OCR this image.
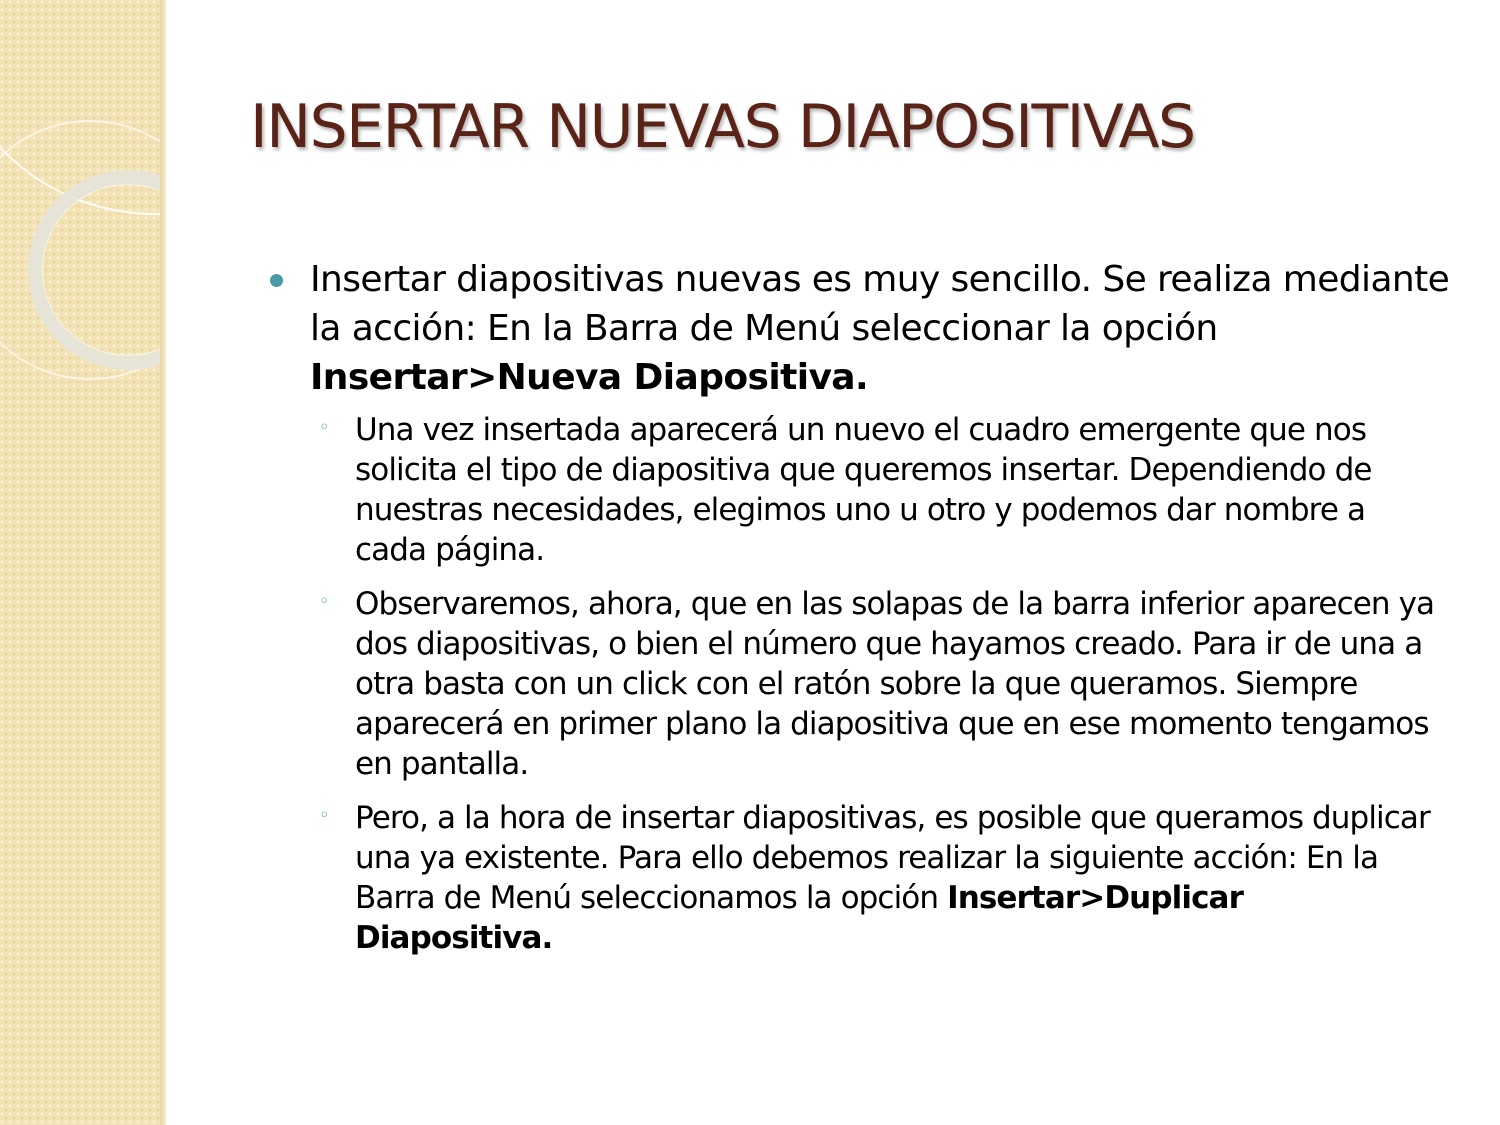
INSERTAR NUEVAS DIAPOSITIVAS

Insertar diapositivas nuevas es muy sencillo. Se realiza mediante la acción: En la Barra de Menú seleccionar la opción Insertar>Nueva Diapositiva.

◦ Una vez insertada aparecerá un nuevo el cuadro emergente que nos solicita el tipo de diapositiva que queremos insertar. Dependiendo de nuestras necesidades, elegimos uno u otro y podemos dar nombre a cada página.

◦ Observaremos, ahora, que en las solapas de la barra inferior aparecen ya dos diapositivas, o bien el número que hayamos creado. Para ir de una a otra basta con un click con el ratón sobre la que queramos. Siempre aparecerá en primer plano la diapositiva que en ese momento tengamos en pantalla.

◦ Pero, a la hora de insertar diapositivas, es posible que queramos duplicar una ya existente. Para ello debemos realizar la siguiente acción: En la Barra de Menú seleccionamos la opción Insertar>Duplicar Diapositiva.
